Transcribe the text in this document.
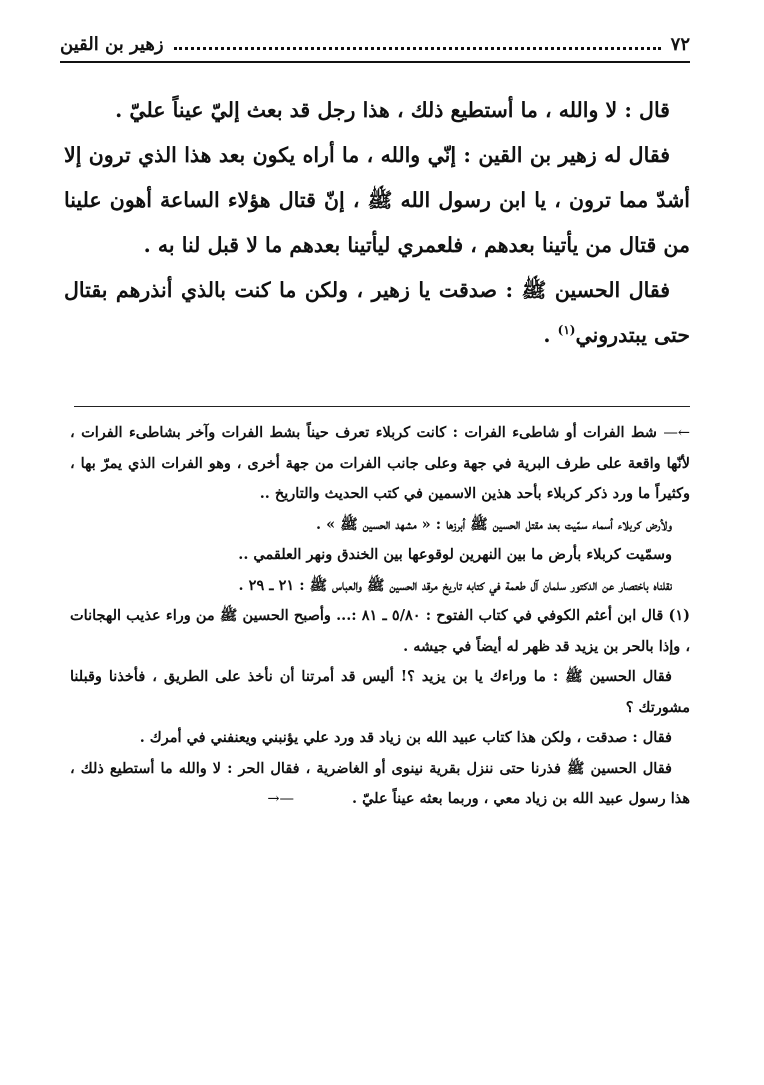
٧٢
زهير بن القين

قال : لا والله ، ما أستطيع ذلك ، هذا رجل قد بعث إليّ عيناً عليّ .

فقال له زهير بن القين : إنّي والله ، ما أراه يكون بعد هذا الذي ترون إلا أشدّ مما ترون ، يا ابن رسول الله ﷺ ، إنّ قتال هؤلاء الساعة أهون علينا من قتال من يأتينا بعدهم ، فلعمري ليأتينا بعدهم ما لا قبل لنا به .

فقال الحسين ﷺ : صدقت يا زهير ، ولكن ما كنت بالذي أنذرهم بقتال حتى يبتدروني$^{(١)}$ .

←— شط الفرات أو شاطىء الفرات : كانت كربلاء تعرف حيناً بشط الفرات وآخر بشاطىء الفرات ، لأنّها واقعة على طرف البرية في جهة وعلى جانب الفرات من جهة أخرى ، وهو الفرات الذي يمرّ بها ، وكثيراً ما ورد ذكر كربلاء بأحد هذين الاسمين في كتب الحديث والتاريخ ..

ولأرض كربلاء أسماء سمّيت بعد مقتل الحسين ﷺ أبرزها : « مشهد الحسين ﷺ » .

وسمّيت كربلاء بأرض ما بين النهرين لوقوعها بين الخندق ونهر العلقمي ..

نقلناه باختصار عن الدكتور سلمان آل طعمة في كتابه تاريخ مرقد الحسين ﷺ والعباس ﷺ : ٢١ ـ ٢٩ .

(١) قال ابن أعثم الكوفي في كتاب الفتوح : ٥/٨٠ ـ ٨١ :... وأصبح الحسين ﷺ من وراء عذيب الهجانات ، وإذا بالحر بن يزيد قد ظهر له أيضاً في جيشه .

فقال الحسين ﷺ : ما وراءك يا بن يزيد ؟! أليس قد أمرتنا أن نأخذ على الطريق ، فأخذنا وقبلنا مشورتك ؟

فقال : صدقت ، ولكن هذا كتاب عبيد الله بن زياد قد ورد علي يؤنبني ويعنفني في أمرك .

فقال الحسين ﷺ فذرنا حتى ننزل بقرية نينوى أو الغاضرية ، فقال الحر : لا والله ما أستطيع ذلك ، هذا رسول عبيد الله بن زياد معي ، وربما بعثه عيناً عليّ .—→
